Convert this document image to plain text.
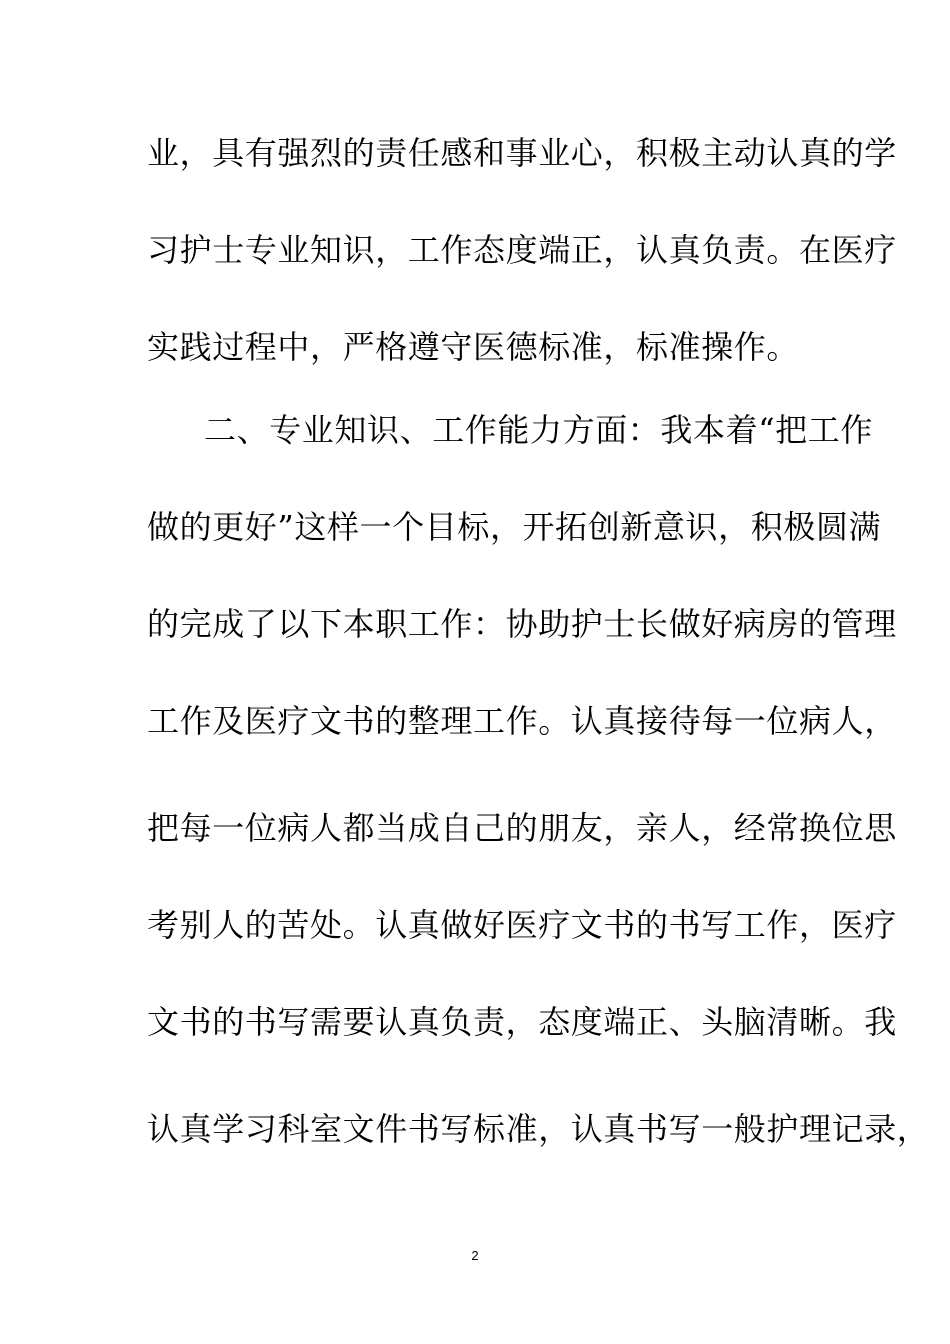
业，具有强烈的责任感和事业心，积极主动认真的学
习护士专业知识，工作态度端正，认真负责。在医疗
实践过程中，严格遵守医德标准，标准操作。
二、专业知识、工作能力方面：我本着“把工作
做的更好”这样一个目标，开拓创新意识，积极圆满
的完成了以下本职工作：协助护士长做好病房的管理
工作及医疗文书的整理工作。认真接待每一位病人，
把每一位病人都当成自己的朋友，亲人，经常换位思
考别人的苦处。认真做好医疗文书的书写工作，医疗
文书的书写需要认真负责，态度端正、头脑清晰。我
认真学习科室文件书写标准，认真书写一般护理记录，
2
